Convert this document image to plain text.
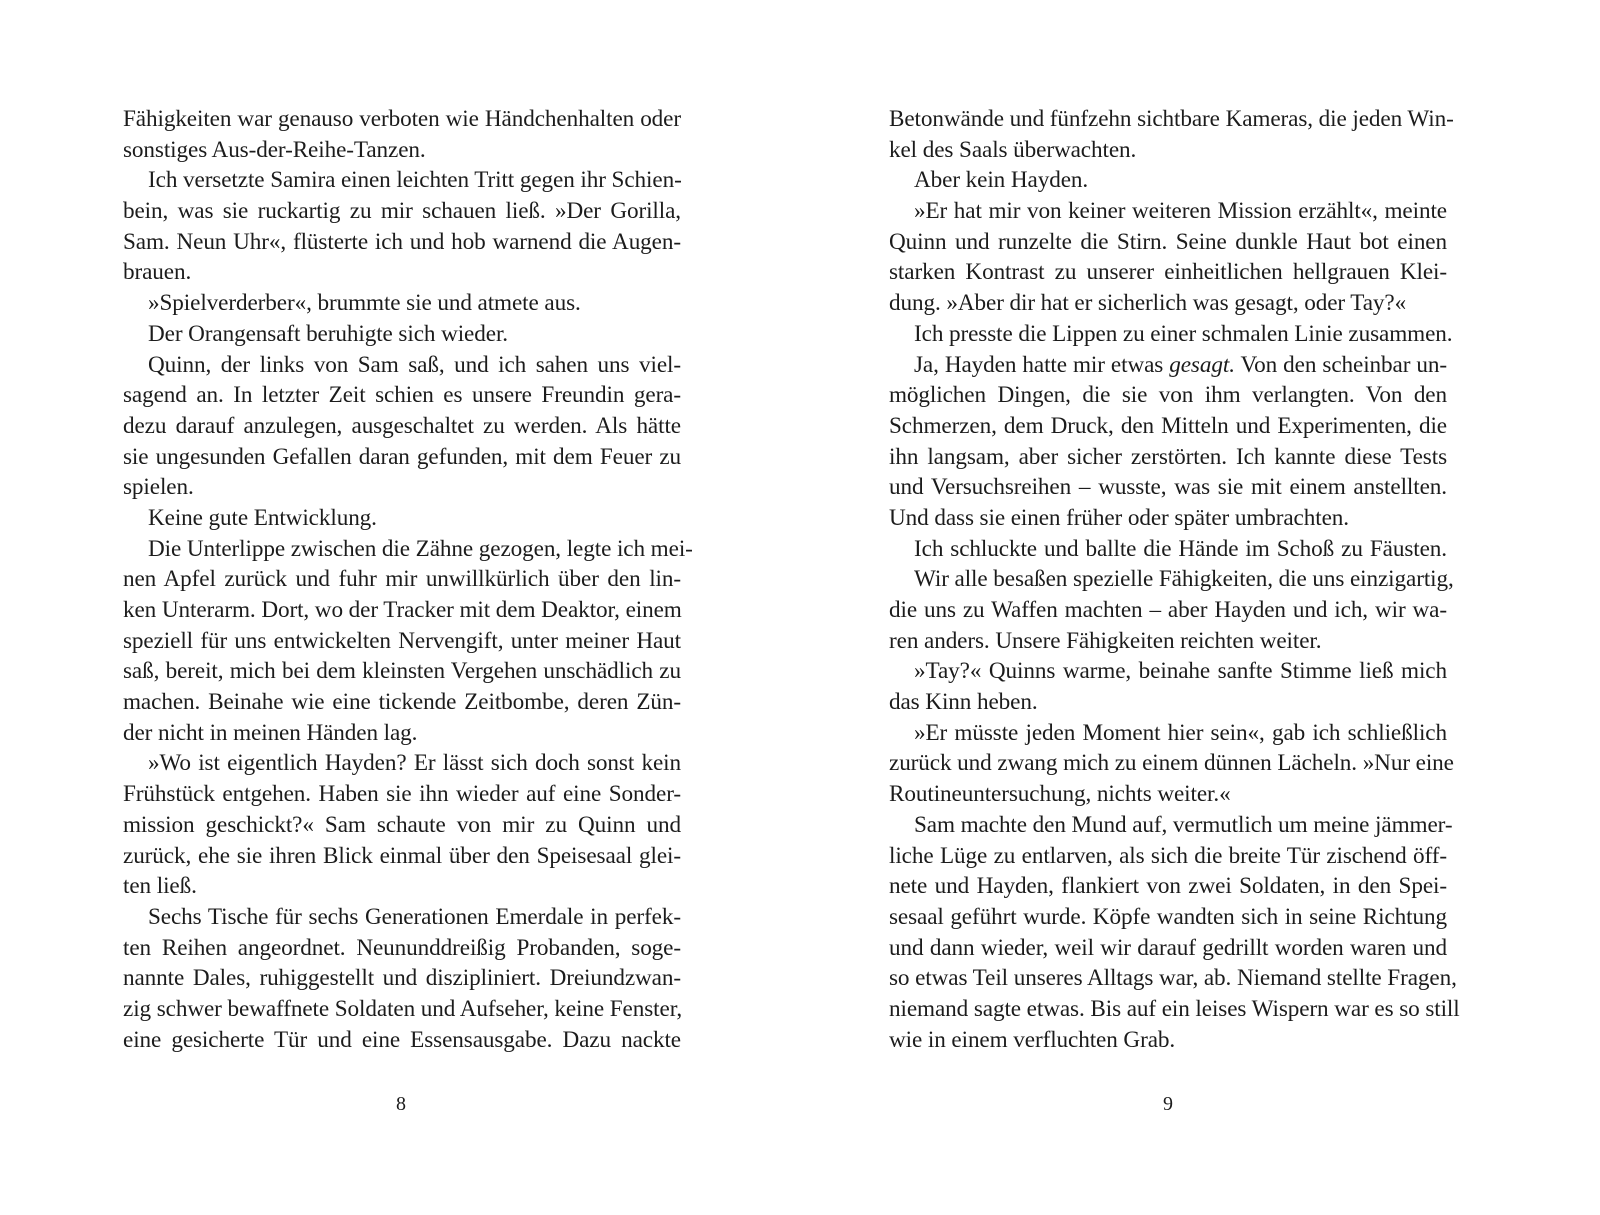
Fähigkeiten war genauso verboten wie Händchenhalten oder
sonstiges Aus-der-Reihe-Tanzen.
Ich versetzte Samira einen leichten Tritt gegen ihr Schien-
bein, was sie ruckartig zu mir schauen ließ. »Der Gorilla,
Sam. Neun Uhr«, flüsterte ich und hob warnend die Augen-
brauen.
»Spielverderber«, brummte sie und atmete aus.
Der Orangensaft beruhigte sich wieder.
Quinn, der links von Sam saß, und ich sahen uns viel-
sagend an. In letzter Zeit schien es unsere Freundin gera-
dezu darauf anzulegen, ausgeschaltet zu werden. Als hätte
sie ungesunden Gefallen daran gefunden, mit dem Feuer zu
spielen.
Keine gute Entwicklung.
Die Unterlippe zwischen die Zähne gezogen, legte ich mei-
nen Apfel zurück und fuhr mir unwillkürlich über den lin-
ken Unterarm. Dort, wo der Tracker mit dem Deaktor, einem
speziell für uns entwickelten Nervengift, unter meiner Haut
saß, bereit, mich bei dem kleinsten Vergehen unschädlich zu
machen. Beinahe wie eine tickende Zeitbombe, deren Zün-
der nicht in meinen Händen lag.
»Wo ist eigentlich Hayden? Er lässt sich doch sonst kein
Frühstück entgehen. Haben sie ihn wieder auf eine Sonder-
mission geschickt?« Sam schaute von mir zu Quinn und
zurück, ehe sie ihren Blick einmal über den Speisesaal glei-
ten ließ.
Sechs Tische für sechs Generationen Emerdale in perfek-
ten Reihen angeordnet. Neununddreißig Probanden, soge-
nannte Dales, ruhiggestellt und diszipliniert. Dreiundzwan-
zig schwer bewaffnete Soldaten und Aufseher, keine Fenster,
eine gesicherte Tür und eine Essensausgabe. Dazu nackte
Betonwände und fünfzehn sichtbare Kameras, die jeden Win-
kel des Saals überwachten.
Aber kein Hayden.
»Er hat mir von keiner weiteren Mission erzählt«, meinte
Quinn und runzelte die Stirn. Seine dunkle Haut bot einen
starken Kontrast zu unserer einheitlichen hellgrauen Klei-
dung. »Aber dir hat er sicherlich was gesagt, oder Tay?«
Ich presste die Lippen zu einer schmalen Linie zusammen.
Ja, Hayden hatte mir etwas gesagt. Von den scheinbar un-
möglichen Dingen, die sie von ihm verlangten. Von den
Schmerzen, dem Druck, den Mitteln und Experimenten, die
ihn langsam, aber sicher zerstörten. Ich kannte diese Tests
und Versuchsreihen – wusste, was sie mit einem anstellten.
Und dass sie einen früher oder später umbrachten.
Ich schluckte und ballte die Hände im Schoß zu Fäusten.
Wir alle besaßen spezielle Fähigkeiten, die uns einzigartig,
die uns zu Waffen machten – aber Hayden und ich, wir wa-
ren anders. Unsere Fähigkeiten reichten weiter.
»Tay?« Quinns warme, beinahe sanfte Stimme ließ mich
das Kinn heben.
»Er müsste jeden Moment hier sein«, gab ich schließlich
zurück und zwang mich zu einem dünnen Lächeln. »Nur eine
Routineuntersuchung, nichts weiter.«
Sam machte den Mund auf, vermutlich um meine jämmer-
liche Lüge zu entlarven, als sich die breite Tür zischend öff-
nete und Hayden, flankiert von zwei Soldaten, in den Spei-
sesaal geführt wurde. Köpfe wandten sich in seine Richtung
und dann wieder, weil wir darauf gedrillt worden waren und
so etwas Teil unseres Alltags war, ab. Niemand stellte Fragen,
niemand sagte etwas. Bis auf ein leises Wispern war es so still
wie in einem verfluchten Grab.
8	9
